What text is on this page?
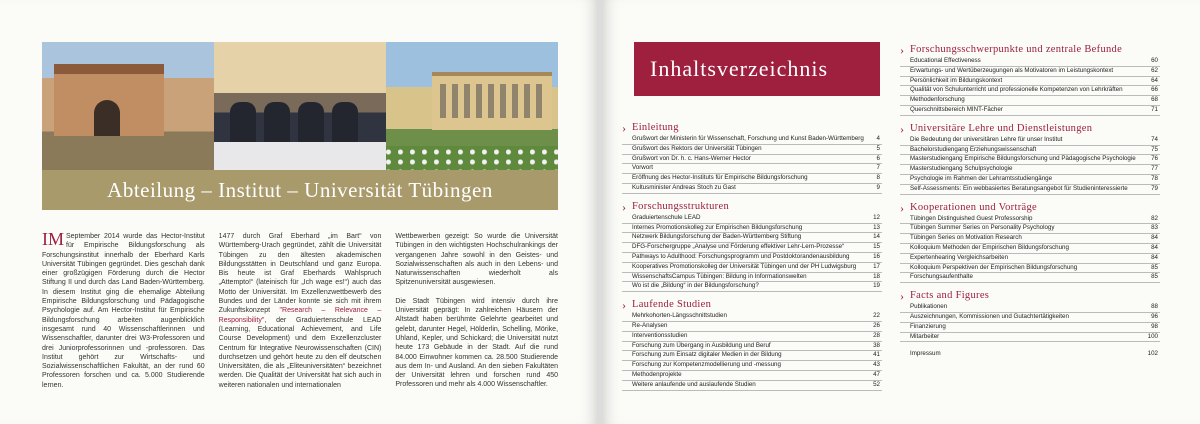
Abteilung – Institut – Universität Tübingen
IM September 2014 wurde das Hector-Institut für Empirische Bildungsforschung als Forschungsinstitut innerhalb der Eberhard Karls Universität Tübingen gegründet. Dies geschah dank einer großzügigen Förderung durch die Hector Stiftung II und durch das Land Baden-Württemberg. In diesem Institut ging die ehemalige Abteilung Empirische Bildungsforschung und Pädagogische Psychologie auf. Am Hector-Institut für Empirische Bildungsforschung arbeiten augenblicklich insgesamt rund 40 Wissenschaftlerinnen und Wissenschaftler, darunter drei W3-Professoren und drei Juniorprofessorinnen und -professoren. Das Institut gehört zur Wirtschafts- und Sozialwissenschaftlichen Fakultät, an der rund 60 Professoren forschen und ca. 5.000 Studierende lernen.
1477 durch Graf Eberhard „im Bart“ von Württemberg-Urach gegründet, zählt die Universität Tübingen zu den ältesten akademischen Bildungsstätten in Deutschland und ganz Europa. Bis heute ist Graf Eberhards Wahlspruch „Attempto!“ (lateinisch für „Ich wage es!“) auch das Motto der Universität. Im Exzellenzwettbewerb des Bundes und der Länder konnte sie sich mit ihrem Zukunftskonzept "Research – Relevance – Responsibility", der Graduiertenschule LEAD (Learning, Educational Achievement, and Life Course Development) und dem Exzellenzcluster Centrum für Integrative Neurowissenschaften (CIN) durchsetzen und gehört heute zu den elf deutschen Universitäten, die als „Eliteuniversitäten“ bezeichnet werden. Die Qualität der Universität hat sich auch in weiteren nationalen und internationalen

Wettbewerben gezeigt: So wurde die Universität Tübingen in den wichtigsten Hochschulrankings der vergangenen Jahre sowohl in den Geistes- und Sozialwissenschaften als auch in den Lebens- und Naturwissenschaften wiederholt als Spitzenuniversität ausgewiesen.

Die Stadt Tübingen wird intensiv durch ihre Universität geprägt: In zahlreichen Häusern der Altstadt haben berühmte Gelehrte gearbeitet und gelebt, darunter Hegel, Hölderlin, Schelling, Mörike, Uhland, Kepler, und Schickard; die Universität nutzt heute 173 Gebäude in der Stadt. Auf die rund 84.000 Einwohner kommen ca. 28.500 Studierende aus dem In- und Ausland. An den sieben Fakultäten der Universität lehren und forschen rund 450 Professoren und mehr als 4.000 Wissenschaftler.

Inhaltsverzeichnis
› Einleitung
Grußwort der Ministerin für Wissenschaft, Forschung und Kunst Baden-Württemberg 4
Grußwort des Rektors der Universität Tübingen	5
Grußwort von Dr. h. c. Hans-Werner Hector	6
Vorwort	7
Eröffnung des Hector-Instituts für Empirische Bildungsforschung	8
Kultusminister Andreas Stoch zu Gast	9
› Forschungsstrukturen
Graduiertenschule LEAD	12
Internes Promotionskolleg zur Empirischen Bildungsforschung	13
Netzwerk Bildungsforschung der Baden-Württemberg Stiftung	14
DFG-Forschergruppe „Analyse und Förderung effektiver Lehr-Lern-Prozesse“	15
Pathways to Adulthood: Forschungsprogramm und Postdoktorandenausbildung	16
Kooperatives Promotionskolleg der Universität Tübingen und der PH Ludwigsburg	17
WissenschaftsCampus Tübingen: Bildung in Informationswelten	18
Wo ist die „Bildung“ in der Bildungsforschung?	19
› Laufende Studien
Mehrkohorten-Längsschnittstudien	22
Re-Analysen	26
Interventionsstudien	28
Forschung zum Übergang in Ausbildung und Beruf	38
Forschung zum Einsatz digitaler Medien in der Bildung	41
Forschung zur Kompetenzmodellierung und -messung	43
Methodenprojekte	47
Weitere anlaufende und auslaufende Studien	52
› Forschungsschwerpunkte und zentrale Befunde
Educational Effectiveness	60
Erwartungs- und Wertüberzeugungen als Motivatoren im Leistungskontext	62
Persönlichkeit im Bildungskontext	64
Qualität von Schulunterricht und professionelle Kompetenzen von Lehrkräften	66
Methodenforschung	68
Querschnittsbereich MINT-Fächer	71
› Universitäre Lehre und Dienstleistungen
Die Bedeutung der universitären Lehre für unser Institut	74
Bachelorstudiengang Erziehungswissenschaft	75
Masterstudiengang Empirische Bildungsforschung und Pädagogische Psychologie 76
Masterstudiengang Schulpsychologie	77
Psychologie im Rahmen der Lehramtsstudiengänge	78
Self-Assessments: Ein webbasiertes Beratungsangebot für Studieninteressierte	79
› Kooperationen und Vorträge
Tübingen Distinguished Guest Professorship	82
Tübingen Summer Series on Personality Psychology	83
Tübingen Series on Motivation Research	84
Kolloquium Methoden der Empirischen Bildungsforschung	84
Expertenhearing Vergleichsarbeiten	84
Kolloquium Perspektiven der Empirischen Bildungsforschung	85
Forschungsaufenthalte	85
› Facts and Figures
Publikationen	88
Auszeichnungen, Kommissionen und Gutachtertätigkeiten	96
Finanzierung	98
Mitarbeiter	100
Impressum	102
